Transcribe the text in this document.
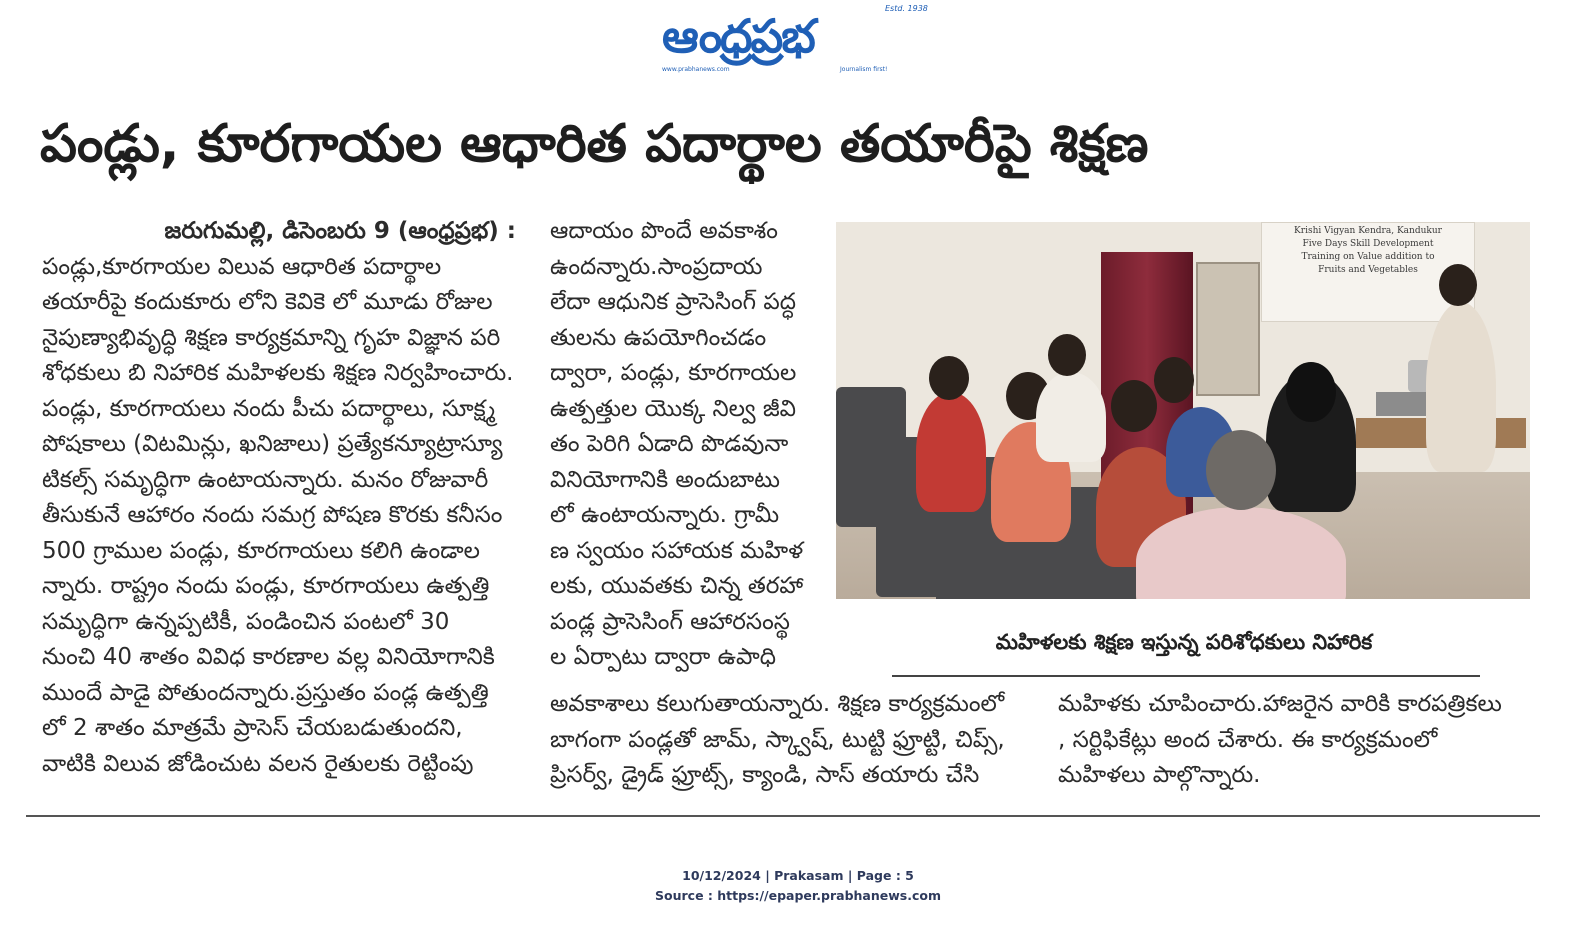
ఆంధ్రప్రభ
Estd. 1938
www.prabhanews.com	Journalism first!
పండ్లు, కూరగాయల ఆధారిత పదార్థాల తయారీపై శిక్షణ
జరుగుమల్లి, డిసెంబరు 9 (ఆంధ్రప్రభ) :
పండ్లు,కూరగాయల విలువ ఆధారిత పదార్థాల
తయారీపై కందుకూరు లోని కెవికె లో మూడు రోజుల
నైపుణ్యాభివృద్ధి శిక్షణ కార్యక్రమాన్ని గృహ విజ్ఞాన పరి
శోధకులు బి నిహారిక మహిళలకు శిక్షణ నిర్వహించారు.
పండ్లు, కూరగాయలు నందు పీచు పదార్థాలు, సూక్ష్మ
పోషకాలు (విటమిన్లు, ఖనిజాలు) ప్రత్యేకన్యూట్రాస్యూ
టికల్స్ సమృద్ధిగా ఉంటాయన్నారు. మనం రోజువారీ
తీసుకునే ఆహారం నందు సమగ్ర పోషణ కొరకు కనీసం
500 గ్రాముల పండ్లు, కూరగాయలు కలిగి ఉండాల
న్నారు. రాష్ట్రం నందు పండ్లు, కూరగాయలు ఉత్పత్తి
సమృద్ధిగా ఉన్నప్పటికీ, పండించిన పంటలో 30
నుంచి 40 శాతం వివిధ కారణాల వల్ల వినియోగానికి
ముందే పాడై పోతుందన్నారు.ప్రస్తుతం పండ్ల ఉత్పత్తి
లో 2 శాతం మాత్రమే ప్రాసెస్ చేయబడుతుందని,
వాటికి విలువ జోడించుట వలన రైతులకు రెట్టింపు
ఆదాయం పొందే అవకాశం
ఉందన్నారు.సాంప్రదాయ
లేదా ఆధునిక ప్రాసెసింగ్ పద్ధ
తులను ఉపయోగించడం
ద్వారా, పండ్లు, కూరగాయల
ఉత్పత్తుల యొక్క నిల్వ జీవి
తం పెరిగి ఏడాది పొడవునా
వినియోగానికి అందుబాటు
లో ఉంటాయన్నారు. గ్రామీ
ణ స్వయం సహాయక మహిళ
లకు, యువతకు చిన్న తరహా
పండ్ల ప్రాసెసింగ్ ఆహారసంస్థ
ల ఏర్పాటు ద్వారా ఉపాధి
Krishi Vigyan Kendra, Kandukur
Five Days Skill Development
Training on Value addition to
Fruits and Vegetables
మహిళలకు శిక్షణ ఇస్తున్న పరిశోధకులు నిహారిక
అవకాశాలు కలుగుతాయన్నారు. శిక్షణ కార్యక్రమంలో
బాగంగా పండ్లతో జామ్, స్క్వాష్, టుట్టి ఫ్రూట్టి, చిప్స్,
ప్రిసర్వ్, డ్రైడ్ ఫ్రూట్స్, క్యాండి, సాస్ తయారు చేసి
మహిళకు చూపించారు.హాజరైన వారికి కారపత్రికలు
, సర్టిఫికేట్లు అంద చేశారు. ఈ కార్యక్రమంలో
మహిళలు పాల్గొన్నారు.
10/12/2024 | Prakasam | Page : 5
Source : https://epaper.prabhanews.com
